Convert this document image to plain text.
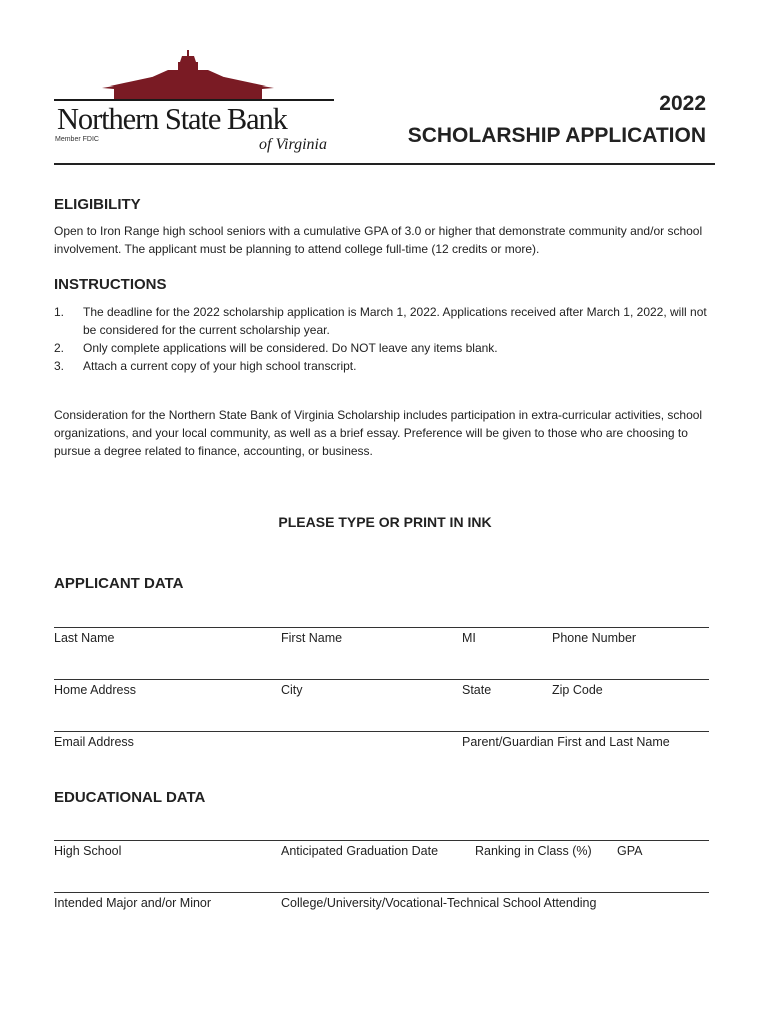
Northern State Bank
Member FDIC	of Virginia
2022
SCHOLARSHIP APPLICATION
ELIGIBILITY
Open to Iron Range high school seniors with a cumulative GPA of 3.0 or higher that demonstrate community and/or school involvement. The applicant must be planning to attend college full-time (12 credits or more).
INSTRUCTIONS
1. The deadline for the 2022 scholarship application is March 1, 2022. Applications received after March 1, 2022, will not be considered for the current scholarship year.
2. Only complete applications will be considered. Do NOT leave any items blank.
3. Attach a current copy of your high school transcript.
Consideration for the Northern State Bank of Virginia Scholarship includes participation in extra-curricular activities, school organizations, and your local community, as well as a brief essay. Preference will be given to those who are choosing to pursue a degree related to finance, accounting, or business.
PLEASE TYPE OR PRINT IN INK
APPLICANT DATA
Last Name	First Name	MI	Phone Number
Home Address	City	State	Zip Code
Email Address	Parent/Guardian First and Last Name
EDUCATIONAL DATA
High School	Anticipated Graduation Date	Ranking in Class (%) GPA
Intended Major and/or Minor	College/University/Vocational-Technical School Attending
